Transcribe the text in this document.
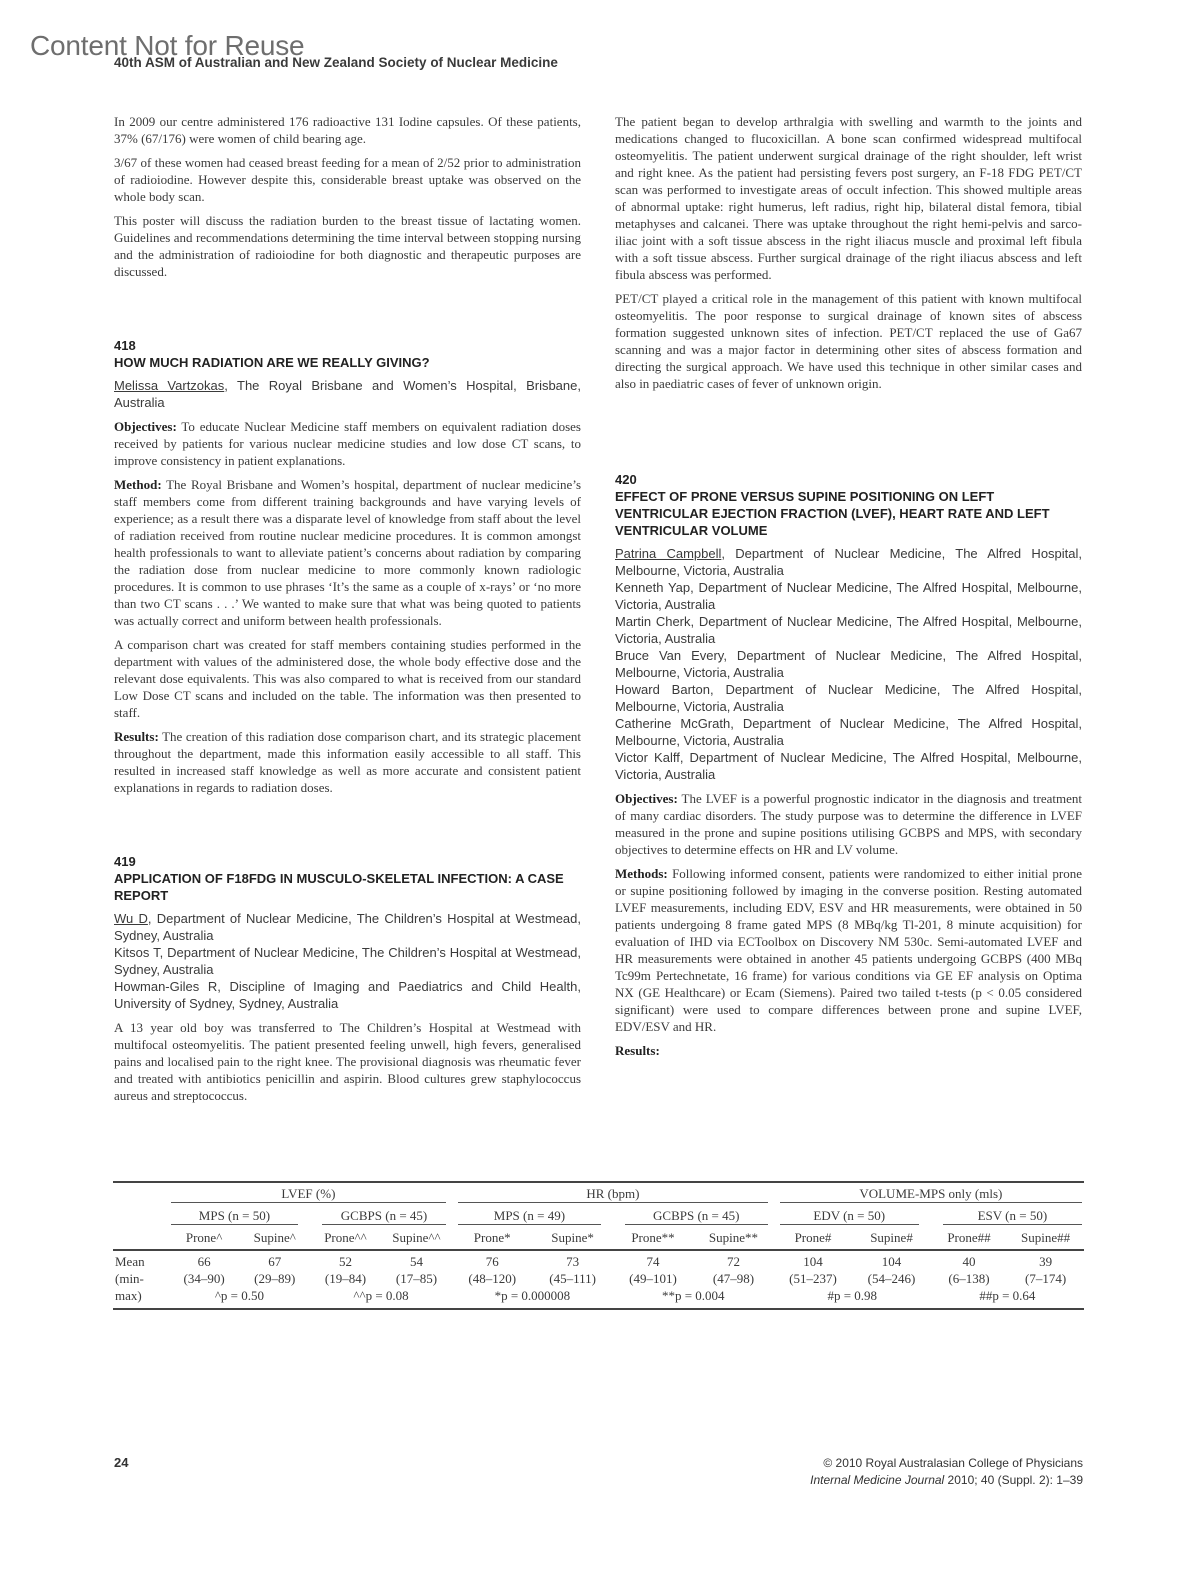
Content Not for Reuse
40th ASM of Australian and New Zealand Society of Nuclear Medicine

In 2009 our centre administered 176 radioactive 131 Iodine capsules. Of these patients, 37% (67/176) were women of child bearing age.

3/67 of these women had ceased breast feeding for a mean of 2/52 prior to administration of radioiodine. However despite this, considerable breast uptake was observed on the whole body scan.

This poster will discuss the radiation burden to the breast tissue of lactating women. Guidelines and recommendations determining the time interval between stopping nursing and the administration of radioiodine for both diagnostic and therapeutic purposes are discussed.

418
HOW MUCH RADIATION ARE WE REALLY GIVING?
Melissa Vartzokas, The Royal Brisbane and Women’s Hospital, Brisbane, Australia

Objectives: To educate Nuclear Medicine staff members on equivalent radiation doses received by patients for various nuclear medicine studies and low dose CT scans, to improve consistency in patient explanations.

Method: The Royal Brisbane and Women’s hospital, department of nuclear medicine’s staff members come from different training backgrounds and have varying levels of experience; as a result there was a disparate level of knowledge from staff about the level of radiation received from routine nuclear medicine procedures. It is common amongst health professionals to want to alleviate patient’s concerns about radiation by comparing the radiation dose from nuclear medicine to more commonly known radiologic procedures. It is common to use phrases ‘It’s the same as a couple of x-rays’ or ‘no more than two CT scans . . .’ We wanted to make sure that what was being quoted to patients was actually correct and uniform between health professionals.

A comparison chart was created for staff members containing studies performed in the department with values of the administered dose, the whole body effective dose and the relevant dose equivalents. This was also compared to what is received from our standard Low Dose CT scans and included on the table. The information was then presented to staff.

Results: The creation of this radiation dose comparison chart, and its strategic placement throughout the department, made this information easily accessible to all staff. This resulted in increased staff knowledge as well as more accurate and consistent patient explanations in regards to radiation doses.

419
APPLICATION OF F18FDG IN MUSCULO-SKELETAL INFECTION: A CASE REPORT
Wu D, Department of Nuclear Medicine, The Children’s Hospital at Westmead, Sydney, Australia
Kitsos T, Department of Nuclear Medicine, The Children’s Hospital at Westmead, Sydney, Australia
Howman-Giles R, Discipline of Imaging and Paediatrics and Child Health, University of Sydney, Sydney, Australia

A 13 year old boy was transferred to The Children’s Hospital at Westmead with multifocal osteomyelitis. The patient presented feeling unwell, high fevers, generalised pains and localised pain to the right knee. The provisional diagnosis was rheumatic fever and treated with antibiotics penicillin and aspirin. Blood cultures grew staphylococcus aureus and streptococcus.

The patient began to develop arthralgia with swelling and warmth to the joints and medications changed to flucoxicillan. A bone scan confirmed widespread multifocal osteomyelitis. The patient underwent surgical drainage of the right shoulder, left wrist and right knee. As the patient had persisting fevers post surgery, an F-18 FDG PET/CT scan was performed to investigate areas of occult infection. This showed multiple areas of abnormal uptake: right humerus, left radius, right hip, bilateral distal femora, tibial metaphyses and calcanei. There was uptake throughout the right hemi-pelvis and sarco-iliac joint with a soft tissue abscess in the right iliacus muscle and proximal left fibula with a soft tissue abscess. Further surgical drainage of the right iliacus abscess and left fibula abscess was performed.

PET/CT played a critical role in the management of this patient with known multifocal osteomyelitis. The poor response to surgical drainage of known sites of abscess formation suggested unknown sites of infection. PET/CT replaced the use of Ga67 scanning and was a major factor in determining other sites of abscess formation and directing the surgical approach. We have used this technique in other similar cases and also in paediatric cases of fever of unknown origin.

420
EFFECT OF PRONE VERSUS SUPINE POSITIONING ON LEFT VENTRICULAR EJECTION FRACTION (LVEF), HEART RATE AND LEFT VENTRICULAR VOLUME
Patrina Campbell, Department of Nuclear Medicine, The Alfred Hospital, Melbourne, Victoria, Australia
Kenneth Yap, Department of Nuclear Medicine, The Alfred Hospital, Melbourne, Victoria, Australia
Martin Cherk, Department of Nuclear Medicine, The Alfred Hospital, Melbourne, Victoria, Australia
Bruce Van Every, Department of Nuclear Medicine, The Alfred Hospital, Melbourne, Victoria, Australia
Howard Barton, Department of Nuclear Medicine, The Alfred Hospital, Melbourne, Victoria, Australia
Catherine McGrath, Department of Nuclear Medicine, The Alfred Hospital, Melbourne, Victoria, Australia
Victor Kalff, Department of Nuclear Medicine, The Alfred Hospital, Melbourne, Victoria, Australia

Objectives: The LVEF is a powerful prognostic indicator in the diagnosis and treatment of many cardiac disorders. The study purpose was to determine the difference in LVEF measured in the prone and supine positions utilising GCBPS and MPS, with secondary objectives to determine effects on HR and LV volume.

Methods: Following informed consent, patients were randomized to either initial prone or supine positioning followed by imaging in the converse position. Resting automated LVEF measurements, including EDV, ESV and HR measurements, were obtained in 50 patients undergoing 8 frame gated MPS (8 MBq/kg Tl-201, 8 minute acquisition) for evaluation of IHD via ECToolbox on Discovery NM 530c. Semi-automated LVEF and HR measurements were obtained in another 45 patients undergoing GCBPS (400 MBq Tc99m Pertechnetate, 16 frame) for various conditions via GE EF analysis on Optima NX (GE Healthcare) or Ecam (Siemens). Paired two tailed t-tests (p < 0.05 considered significant) were used to compare differences between prone and supine LVEF, EDV/ESV and HR.

Results:

	LVEF (%)				HR (bpm)				VOLUME-MPS only (mls)			

	MPS (n = 50)		GCBPS (n = 45)		MPS (n = 49)		GCBPS (n = 45)		EDV (n = 50)		ESV (n = 50)	

	Prone^	Supine^	Prone^^	Supine^^	Prone*	Supine*	Prone**	Supine**	Prone#	Supine#	Prone##	Supine##
Mean	66	67	52	54	76	73	74	72	104	104	40	39
(min-	(34–90)	(29–89)	(19–84)	(17–85)	(48–120)	(45–111)	(49–101)	(47–98)	(51–237)	(54–246)	(6–138)	(7–174)
max)	^p = 0.50		^^p = 0.08		*p = 0.000008		**p = 0.004		#p = 0.98		##p = 0.64	
24	© 2010 Royal Australasian College of Physicians
Internal Medicine Journal 2010; 40 (Suppl. 2): 1–39
